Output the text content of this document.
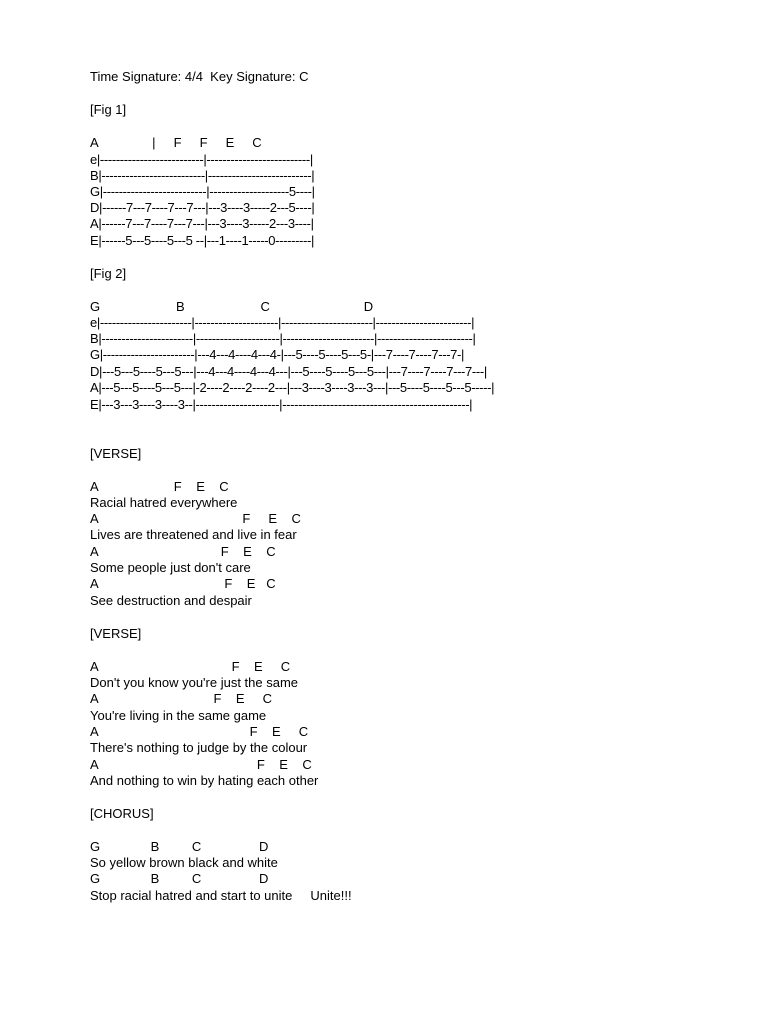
Time Signature: 4/4  Key Signature: C

[Fig 1]

A               |     F     F     E     C

e|--------------------------|--------------------------|

B|--------------------------|--------------------------|

G|--------------------------|--------------------5----|

D|------7---7----7---7---|---3----3-----2---5----|

A|------7---7----7---7---|---3----3-----2---3----|

E|------5---5----5---5 --|---1----1-----0---------|

[Fig 2]

G                     B                     C                          D

e|-----------------------|---------------------|-----------------------|------------------------|

B|-----------------------|---------------------|-----------------------|------------------------|

G|-----------------------|---4---4----4---4-|---5----5----5---5-|---7----7----7---7-|

D|---5---5----5---5---|---4---4----4---4---|---5----5----5---5---|---7----7----7---7---|

A|---5---5----5---5---|-2----2----2----2---|---3----3----3---3---|---5----5----5---5-----|

E|---3---3----3----3--|---------------------|-----------------------------------------------|

[VERSE]

A                     F    E    C

Racial hatred everywhere

A                                        F     E    C

Lives are threatened and live in fear

A                                  F    E    C

Some people just don't care

A                                   F    E   C

See destruction and despair

[VERSE]

A                                     F    E     C

Don't you know you're just the same

A                                F    E     C

You're living in the same game

A                                          F    E     C

There's nothing to judge by the colour

A                                            F    E    C

And nothing to win by hating each other

[CHORUS]

G              B         C                D

So yellow brown black and white

G              B         C                D

Stop racial hatred and start to unite     Unite!!!
